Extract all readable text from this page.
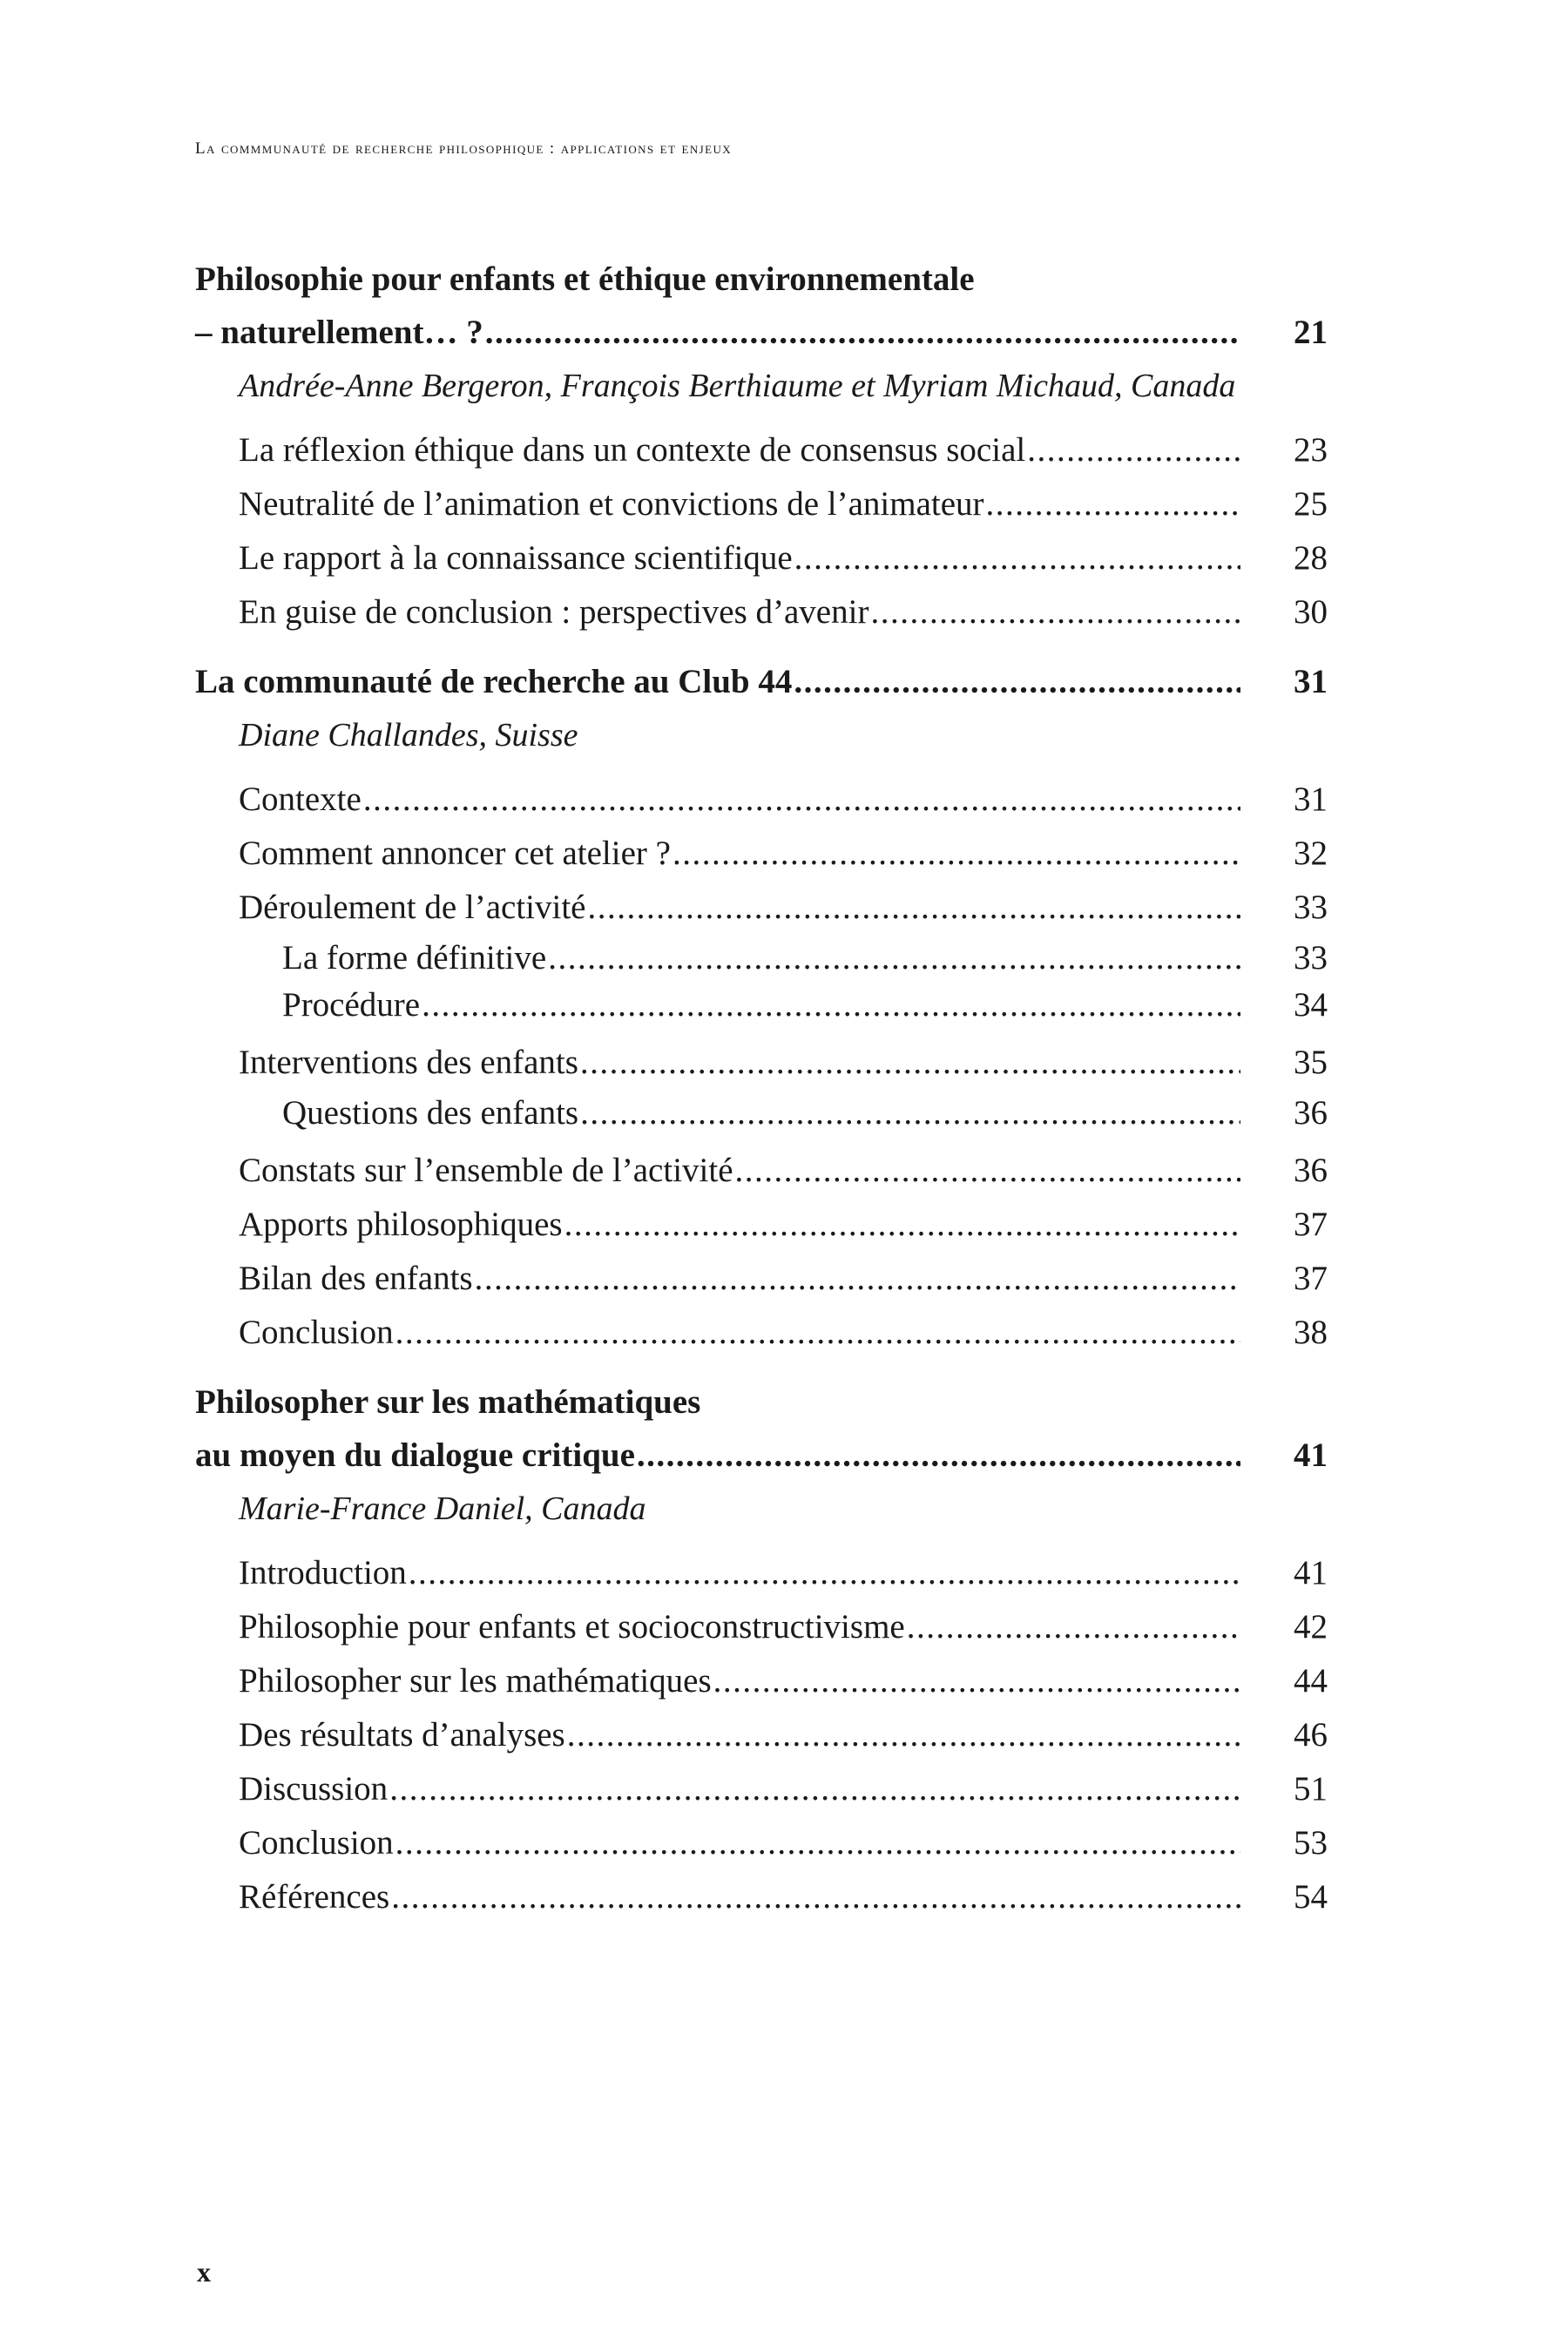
La commmunauté de recherche philosophique : applications et enjeux
Philosophie pour enfants et éthique environnementale
– naturellement… ? .....	21
Andrée-Anne Bergeron, François Berthiaume et Myriam Michaud, Canada
La réflexion éthique dans un contexte de consensus social .....	23
Neutralité de l’animation et convictions de l’animateur .....	25
Le rapport à la connaissance scientifique .....	28
En guise de conclusion : perspectives d’avenir .....	30
La communauté de recherche au Club 44 .....	31
Diane Challandes, Suisse
Contexte .....	31
Comment annoncer cet atelier ? .....	32
Déroulement de l’activité .....	33
La forme définitive .....	33
Procédure .....	34
Interventions des enfants .....	35
Questions des enfants .....	36
Constats sur l’ensemble de l’activité .....	36
Apports philosophiques .....	37
Bilan des enfants .....	37
Conclusion .....	38
Philosopher sur les mathématiques
au moyen du dialogue critique .....	41
Marie-France Daniel, Canada
Introduction .....	41
Philosophie pour enfants et socioconstructivisme .....	42
Philosopher sur les mathématiques .....	44
Des résultats d’analyses .....	46
Discussion .....	51
Conclusion .....	53
Références .....	54
x
